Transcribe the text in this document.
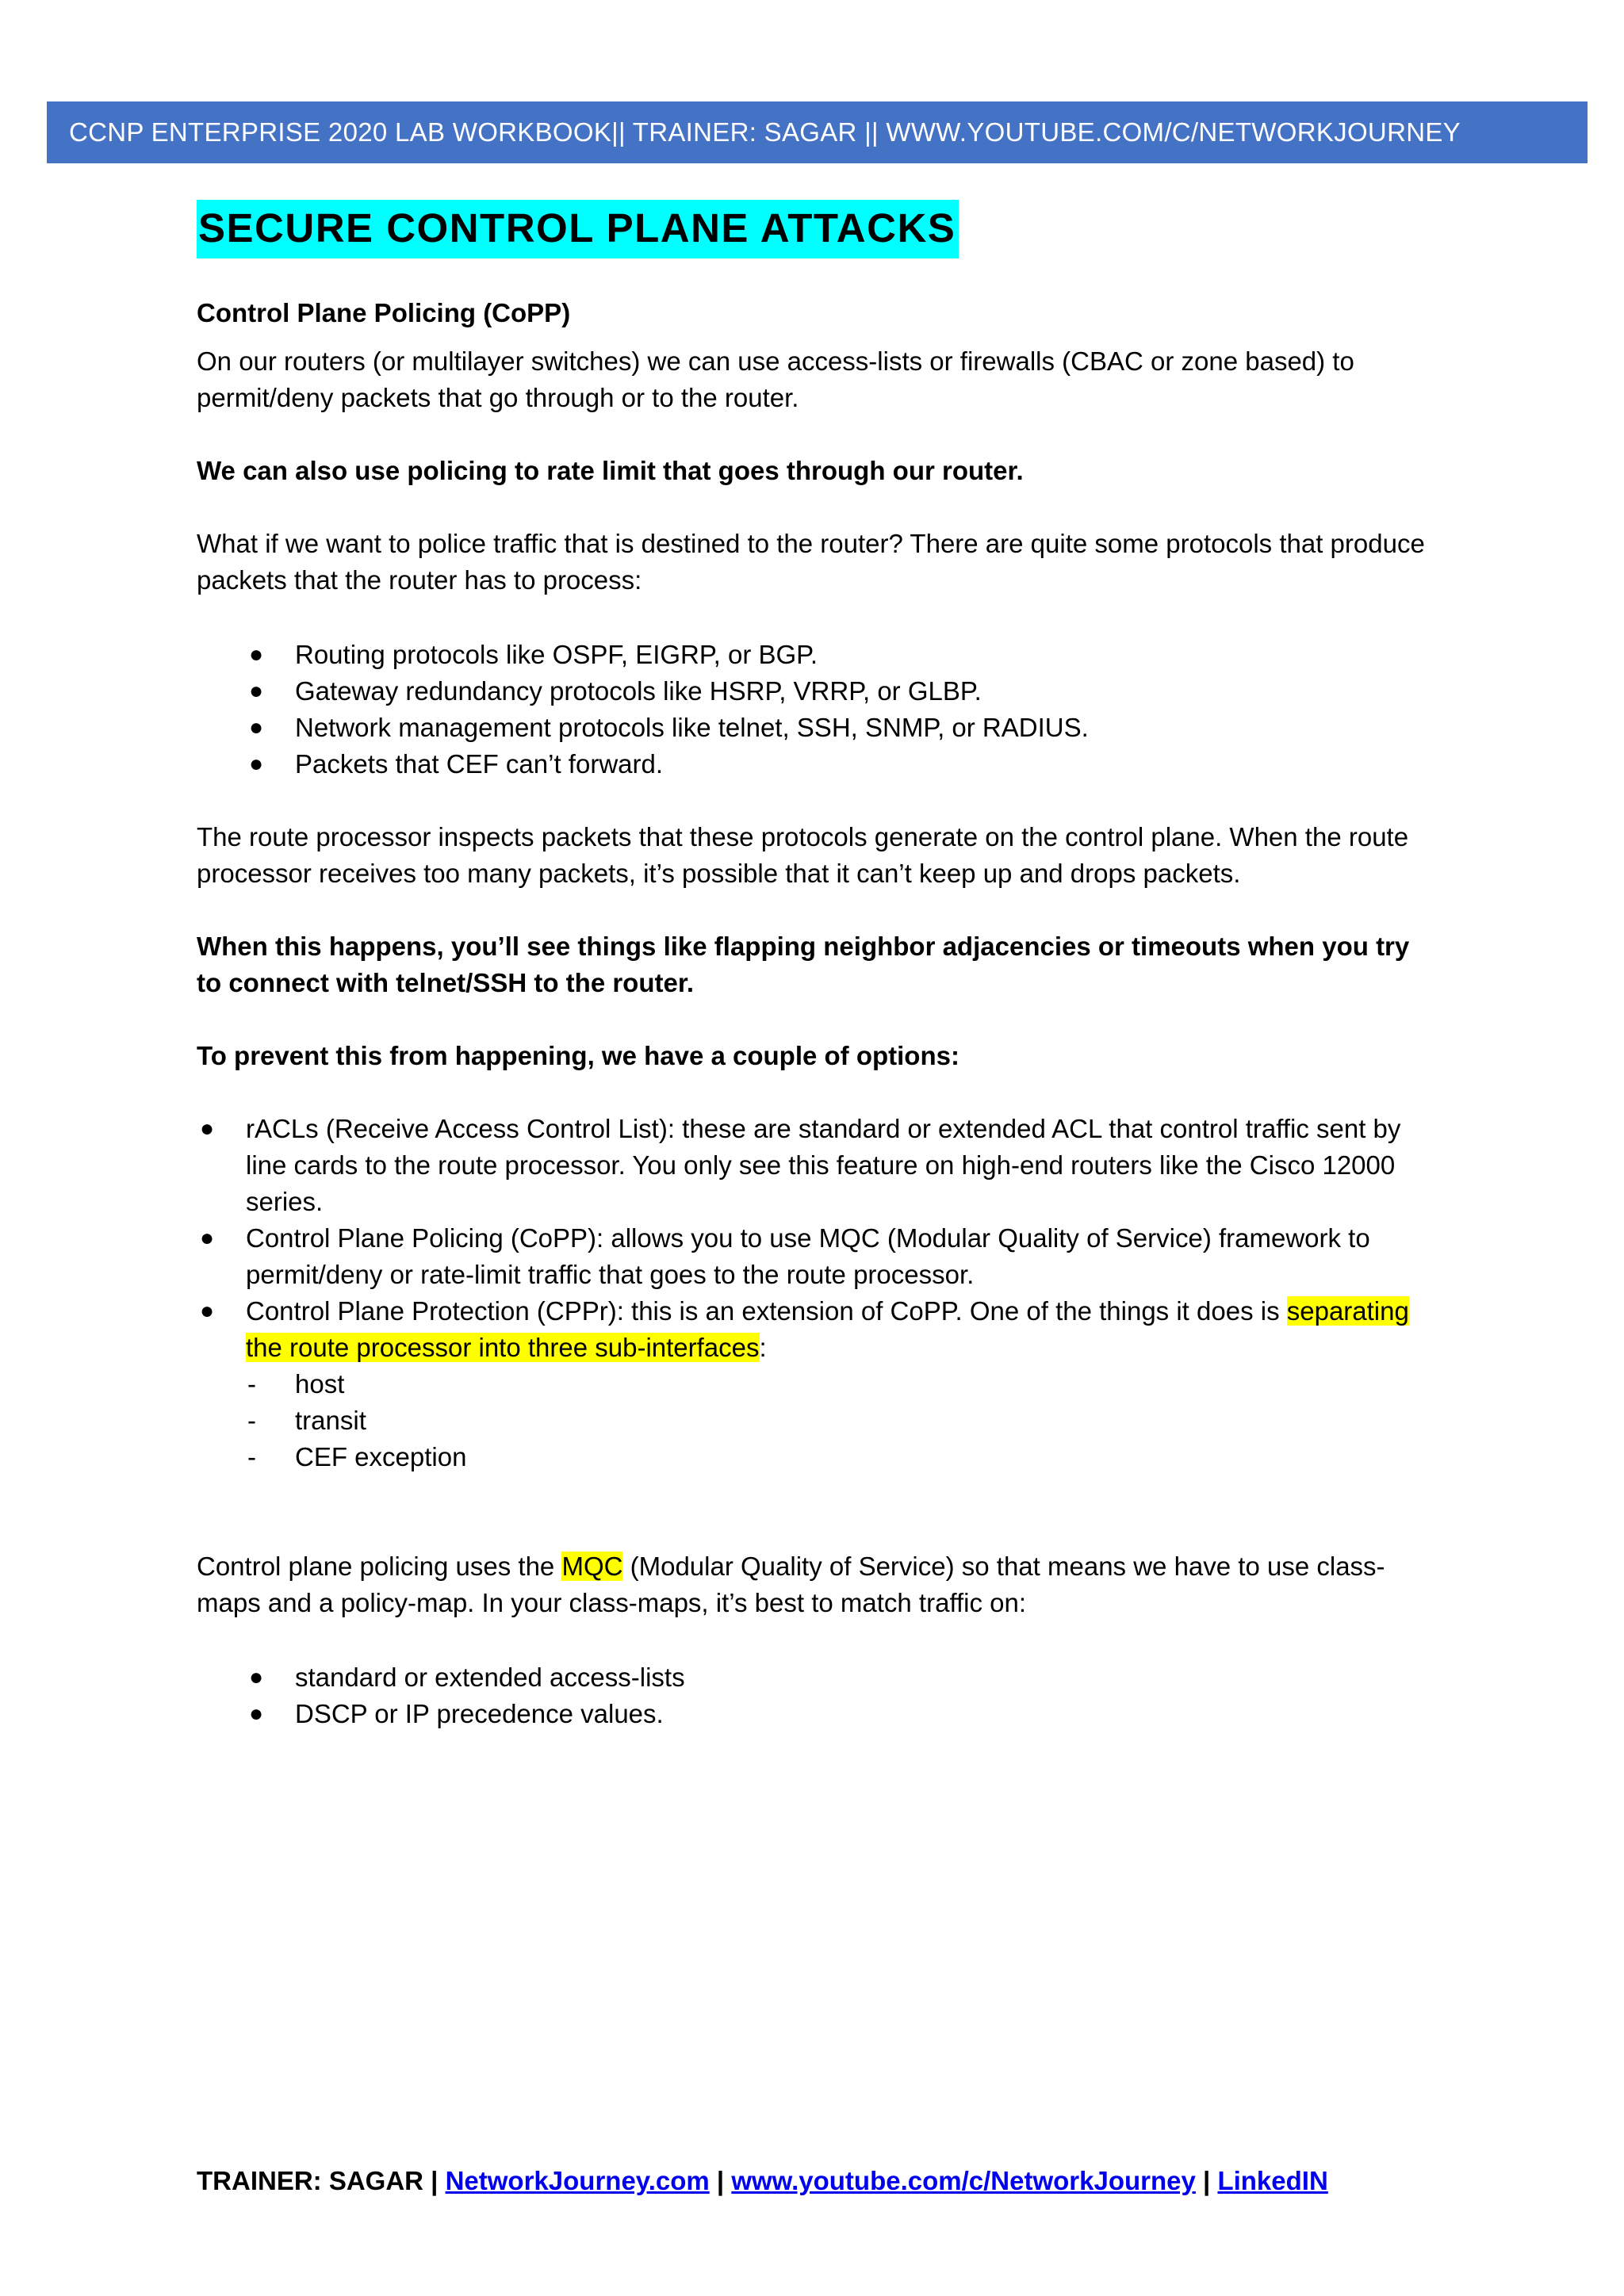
CCNP ENTERPRISE 2020 LAB WORKBOOK|| TRAINER: SAGAR || WWW.YOUTUBE.COM/C/NETWORKJOURNEY
SECURE CONTROL PLANE ATTACKS

Control Plane Policing (CoPP)

On our routers (or multilayer switches) we can use access-lists or firewalls (CBAC or zone based) to permit/deny packets that go through or to the router.

We can also use policing to rate limit that goes through our router.

What if we want to police traffic that is destined to the router? There are quite some protocols that produce packets that the router has to process:

● Routing protocols like OSPF, EIGRP, or BGP.
● Gateway redundancy protocols like HSRP, VRRP, or GLBP.
● Network management protocols like telnet, SSH, SNMP, or RADIUS.
● Packets that CEF can’t forward.

The route processor inspects packets that these protocols generate on the control plane. When the route processor receives too many packets, it’s possible that it can’t keep up and drops packets.

When this happens, you’ll see things like flapping neighbor adjacencies or timeouts when you try to connect with telnet/SSH to the router.

To prevent this from happening, we have a couple of options:

● rACLs (Receive Access Control List): these are standard or extended ACL that control traffic sent by line cards to the route processor. You only see this feature on high-end routers like the Cisco 12000 series.
● Control Plane Policing (CoPP): allows you to use MQC (Modular Quality of Service) framework to permit/deny or rate-limit traffic that goes to the route processor.
● Control Plane Protection (CPPr): this is an extension of CoPP. One of the things it does is separating the route processor into three sub-interfaces:
- host
- transit
- CEF exception

Control plane policing uses the MQC (Modular Quality of Service) so that means we have to use class-maps and a policy-map. In your class-maps, it’s best to match traffic on:

● standard or extended access-lists
● DSCP or IP precedence values.
TRAINER: SAGAR | NetworkJourney.com | www.youtube.com/c/NetworkJourney | LinkedIN
